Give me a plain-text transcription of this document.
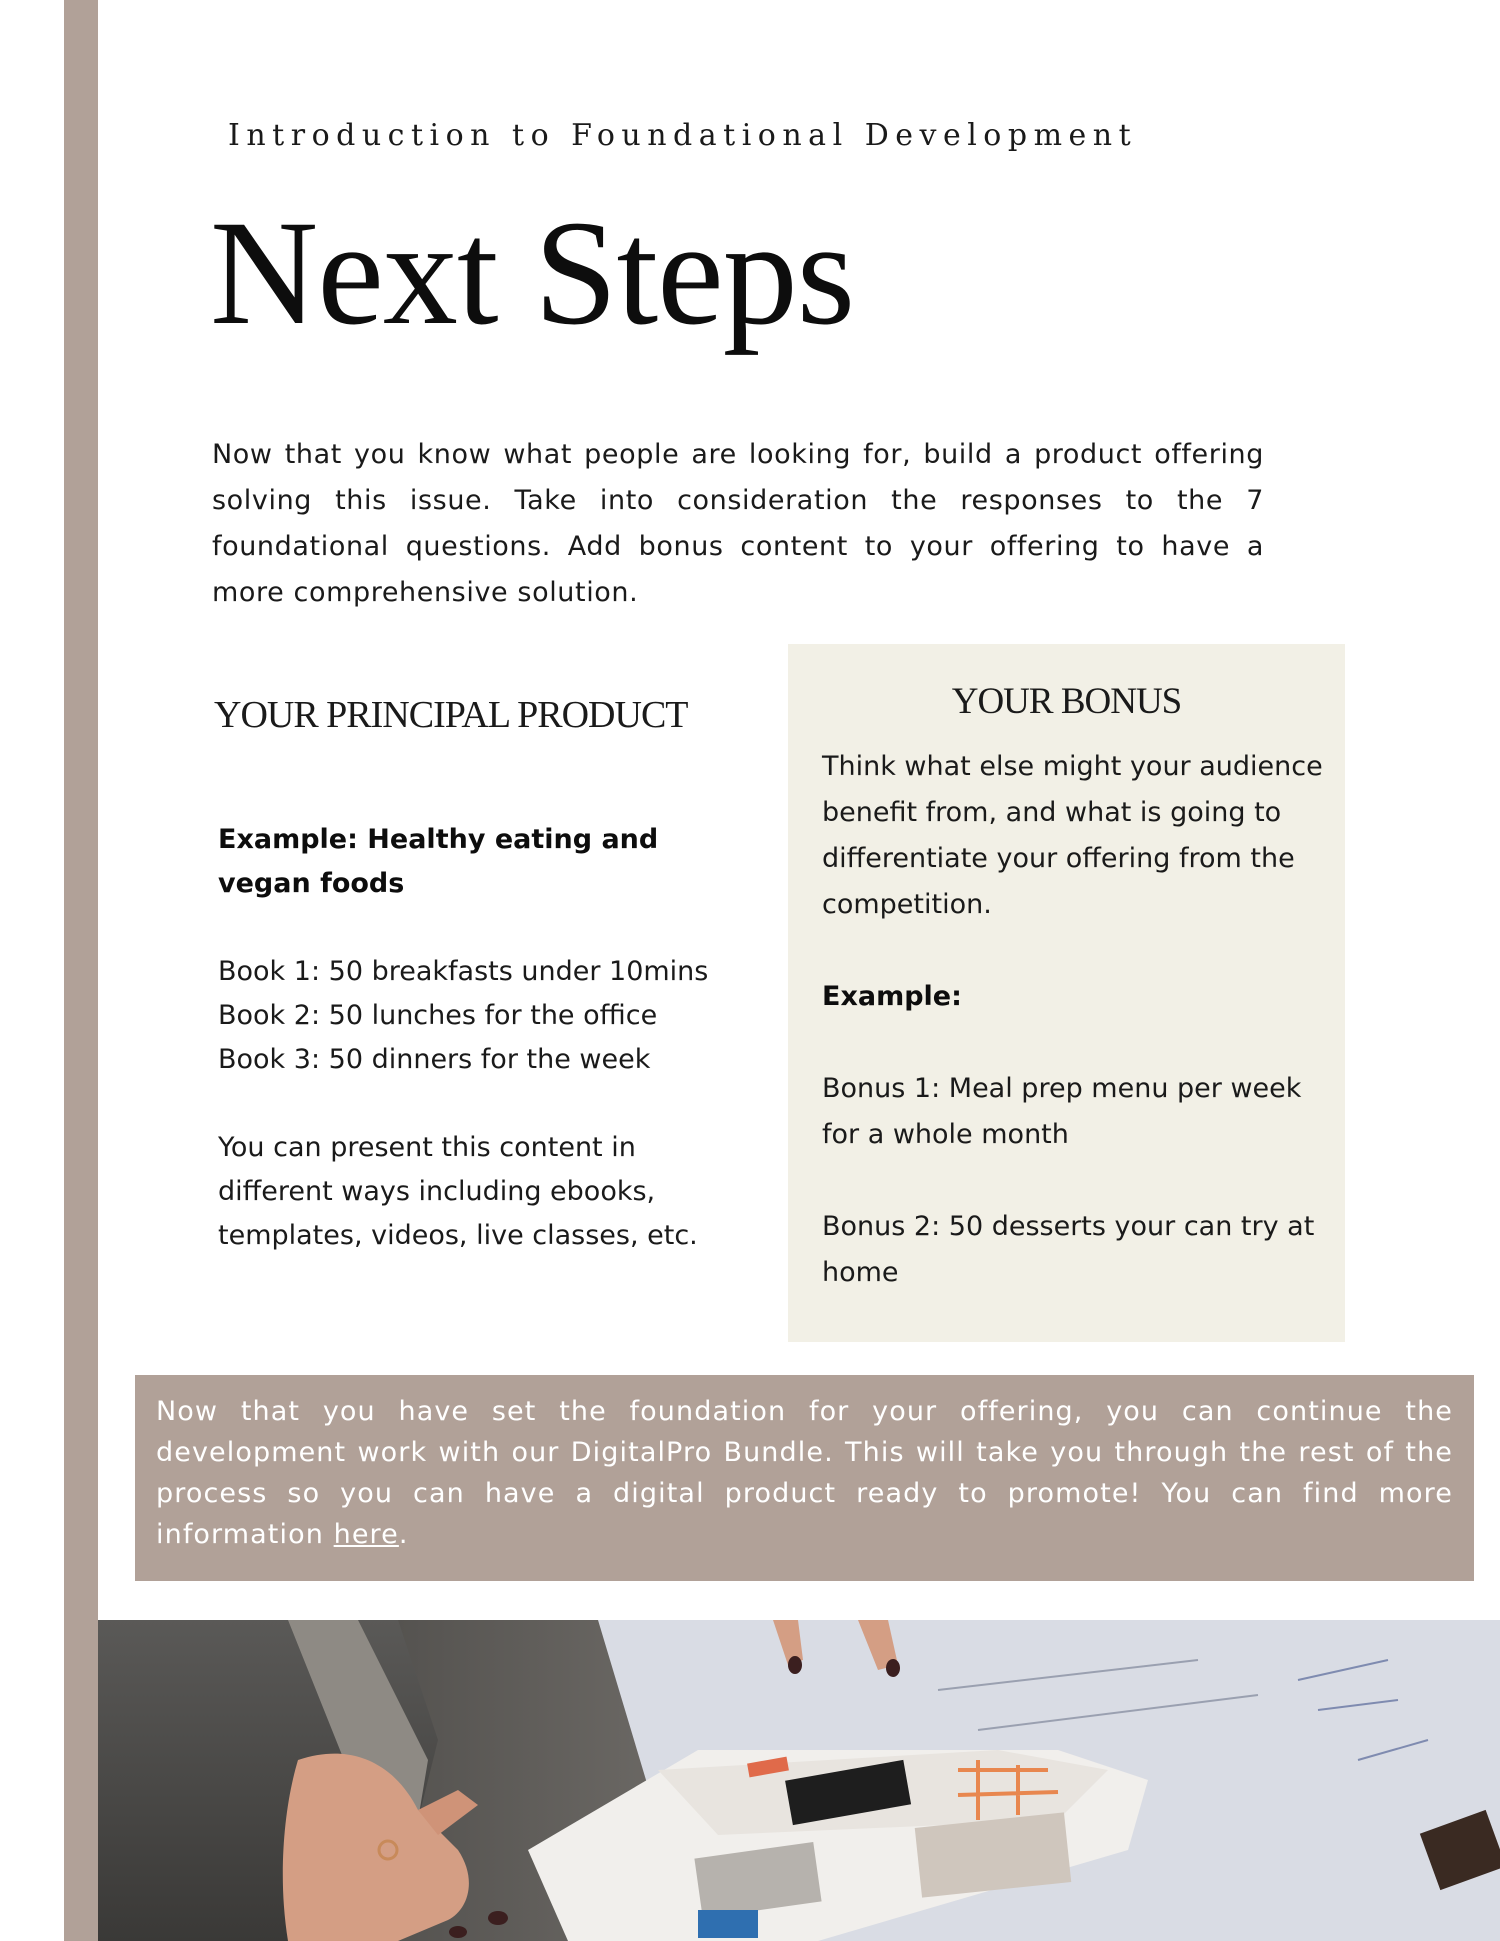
Introduction to Foundational Development
Next Steps

Now that you know what people are looking for, build a product offering solving this issue. Take into consideration the responses to the 7 foundational questions. Add bonus content to your offering to have a more comprehensive solution.

YOUR PRINCIPAL PRODUCT

Example: Healthy eating and

vegan foods

Book 1: 50 breakfasts under 10mins

Book 2: 50 lunches for the office

Book 3: 50 dinners for the week

You can present this content in different ways including ebooks, templates, videos, live classes, etc.

YOUR BONUS

Think what else might your audience benefit from, and what is going to differentiate your offering from the competition.

Example:

Bonus 1: Meal prep menu per week for a whole month

Bonus 2: 50 desserts your can try at home

Now that you have set the foundation for your offering, you can continue the development work with our DigitalPro Bundle. This will take you through the rest of the process so you can have a digital product ready to promote! You can find more information here.
